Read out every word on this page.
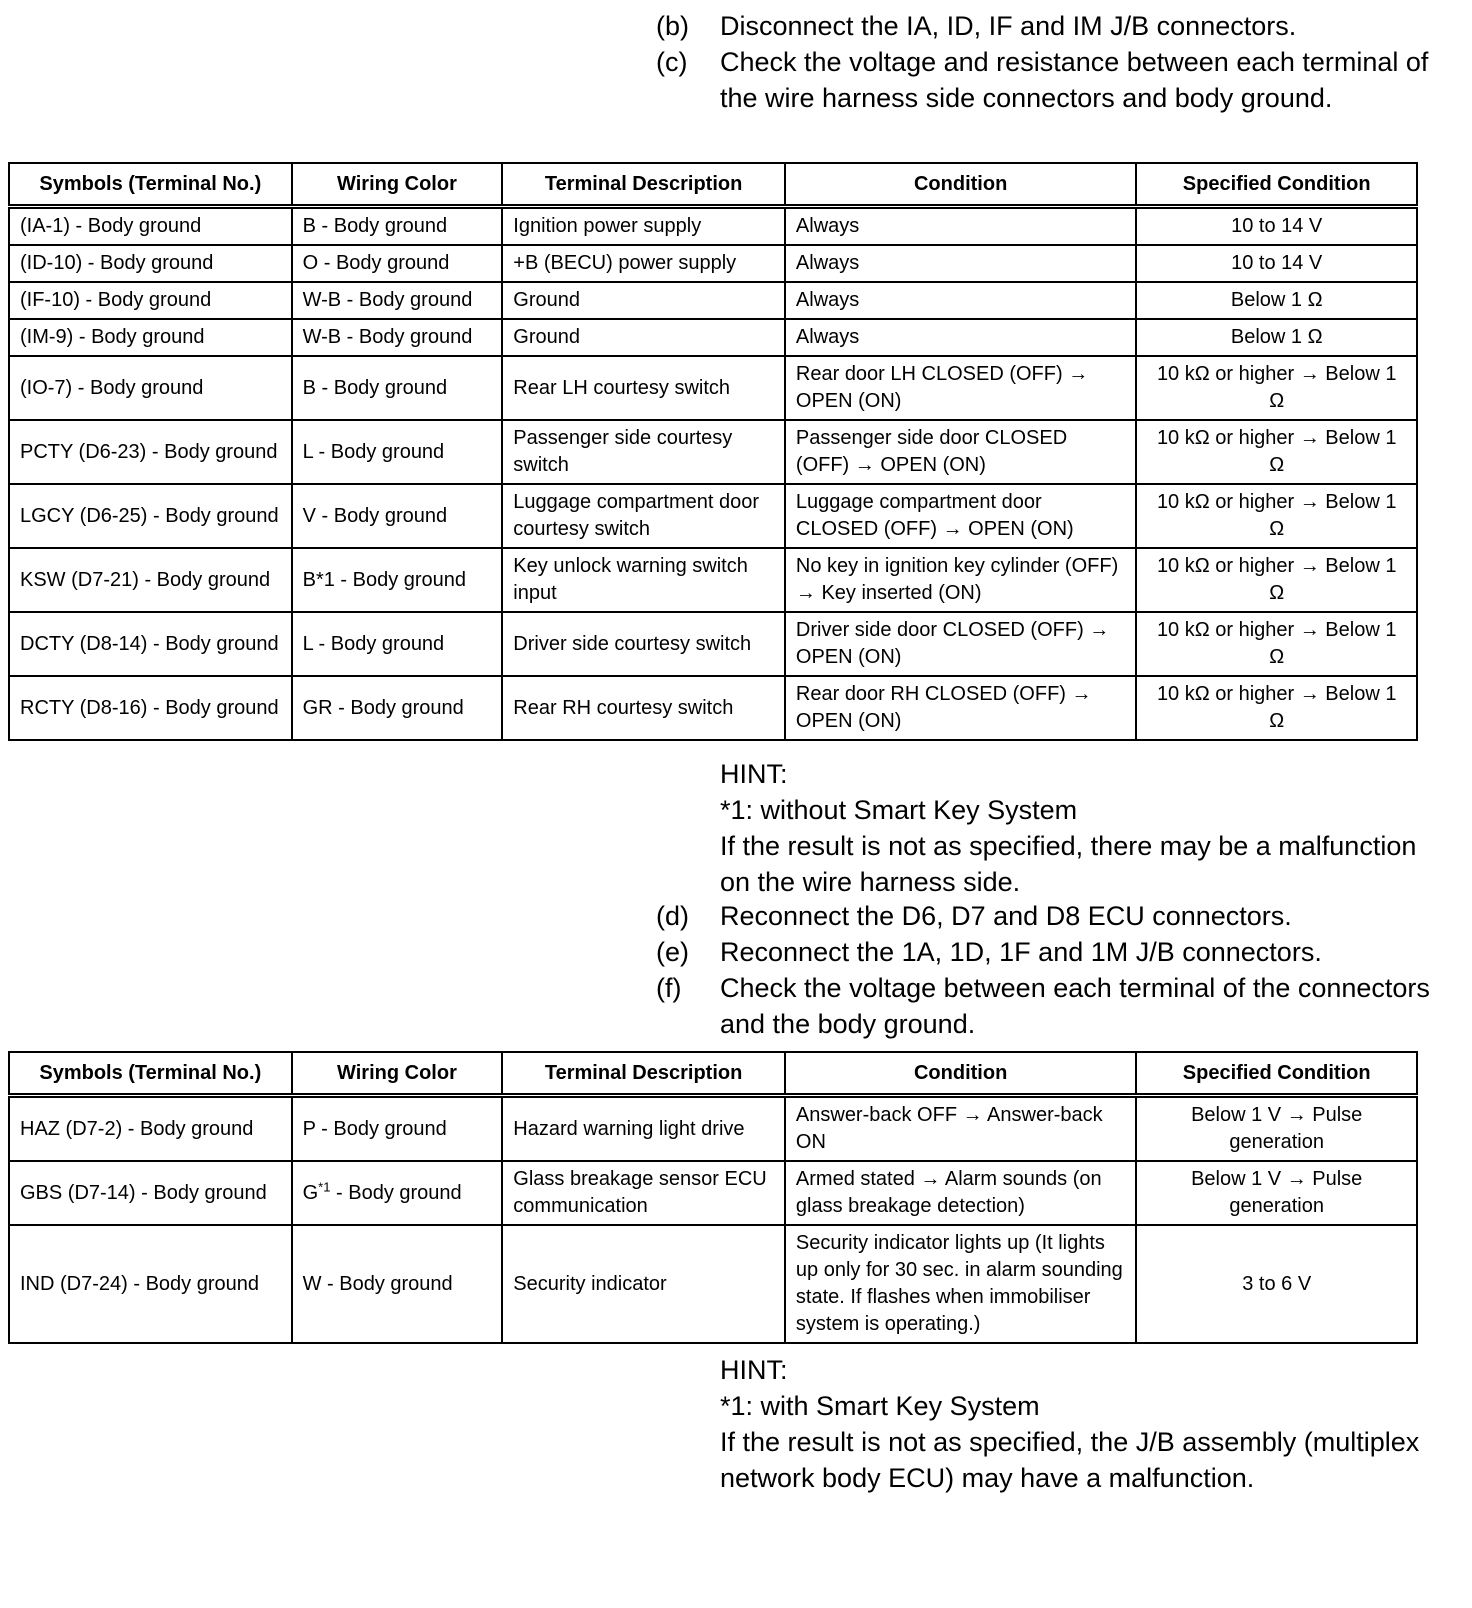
(b) Disconnect the IA, ID, IF and IM J/B connectors.
(c) Check the voltage and resistance between each terminal of the wire harness side connectors and body ground.
Symbols (Terminal No.)	Wiring Color	Terminal Description	Condition	Specified Condition
(IA-1) - Body ground	B - Body ground	Ignition power supply	Always	10 to 14 V
(ID-10) - Body ground	O - Body ground	+B (BECU) power supply	Always	10 to 14 V
(IF-10) - Body ground	W-B - Body ground	Ground	Always	Below 1 Ω
(IM-9) - Body ground	W-B - Body ground	Ground	Always	Below 1 Ω
(IO-7) - Body ground	B - Body ground	Rear LH courtesy switch	Rear door LH CLOSED (OFF) → OPEN (ON)	10 kΩ or higher → Below 1 Ω
PCTY (D6-23) - Body ground	L - Body ground	Passenger side courtesy switch	Passenger side door CLOSED (OFF) → OPEN (ON)	10 kΩ or higher → Below 1 Ω
LGCY (D6-25) - Body ground	V - Body ground	Luggage compartment door courtesy switch	Luggage compartment door CLOSED (OFF) → OPEN (ON)	10 kΩ or higher → Below 1 Ω
KSW (D7-21) - Body ground	B*1 - Body ground	Key unlock warning switch input	No key in ignition key cylinder (OFF) → Key inserted (ON)	10 kΩ or higher → Below 1 Ω
DCTY (D8-14) - Body ground	L - Body ground	Driver side courtesy switch	Driver side door CLOSED (OFF) → OPEN (ON)	10 kΩ or higher → Below 1 Ω
RCTY (D8-16) - Body ground	GR - Body ground	Rear RH courtesy switch	Rear door RH CLOSED (OFF) → OPEN (ON)	10 kΩ or higher → Below 1 Ω
HINT:
*1: without Smart Key System
If the result is not as specified, there may be a malfunction on the wire harness side.
(d) Reconnect the D6, D7 and D8 ECU connectors.
(e) Reconnect the 1A, 1D, 1F and 1M J/B connectors.
(f) Check the voltage between each terminal of the connectors and the body ground.
Symbols (Terminal No.)	Wiring Color	Terminal Description	Condition	Specified Condition
HAZ (D7-2) - Body ground	P - Body ground	Hazard warning light drive	Answer-back OFF → Answer-back ON	Below 1 V → Pulse generation
GBS (D7-14) - Body ground	$G^{*1}$ - Body ground	Glass breakage sensor ECU communication	Armed stated → Alarm sounds (on glass breakage detection)	Below 1 V → Pulse generation
IND (D7-24) - Body ground	W - Body ground	Security indicator	Security indicator lights up (It lights up only for 30 sec. in alarm sounding state. If flashes when immobiliser system is operating.)	3 to 6 V
HINT:
*1: with Smart Key System
If the result is not as specified, the J/B assembly (multiplex network body ECU) may have a malfunction.
